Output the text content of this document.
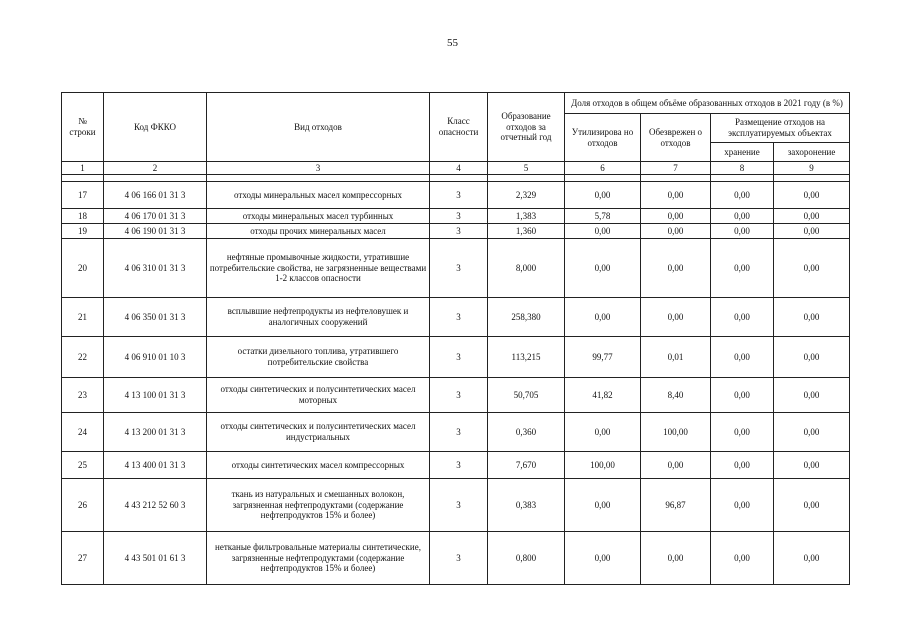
55
№ строки	Код ФККО	Вид отходов	Класс опасности	Образование отходов за отчетный год	Доля отходов в общем объёме образованных отходов в 2021 году (в %)			
					Утилизирова но отходов	Обезврежен о отходов	Размещение отходов на эксплуатируемых объектах	
							хранение	захоронение
1	2	3	4	5	6	7	8	9

17	4 06 166 01 31 3	отходы минеральных масел компрессорных	3	2,329	0,00	0,00	0,00	0,00
18	4 06 170 01 31 3	отходы минеральных масел турбинных	3	1,383	5,78	0,00	0,00	0,00
19	4 06 190 01 31 3	отходы прочих минеральных масел	3	1,360	0,00	0,00	0,00	0,00
20	4 06 310 01 31 3	нефтяные промывочные жидкости, утратившие потребительские свойства, не загрязненные веществами 1-2 классов опасности	3	8,000	0,00	0,00	0,00	0,00
21	4 06 350 01 31 3	всплывшие нефтепродукты из нефтеловушек и аналогичных сооружений	3	258,380	0,00	0,00	0,00	0,00
22	4 06 910 01 10 3	остатки дизельного топлива, утратившего потребительские свойства	3	113,215	99,77	0,01	0,00	0,00
23	4 13 100 01 31 3	отходы синтетических и полусинтетических масел моторных	3	50,705	41,82	8,40	0,00	0,00
24	4 13 200 01 31 3	отходы синтетических и полусинтетических масел индустриальных	3	0,360	0,00	100,00	0,00	0,00
25	4 13 400 01 31 3	отходы синтетических масел компрессорных	3	7,670	100,00	0,00	0,00	0,00
26	4 43 212 52 60 3	ткань из натуральных и смешанных волокон, загрязненная нефтепродуктами (содержание нефтепродуктов 15% и более)	3	0,383	0,00	96,87	0,00	0,00
27	4 43 501 01 61 3	нетканые фильтровальные материалы синтетические, загрязненные нефтепродуктами (содержание нефтепродуктов 15% и более)	3	0,800	0,00	0,00	0,00	0,00
